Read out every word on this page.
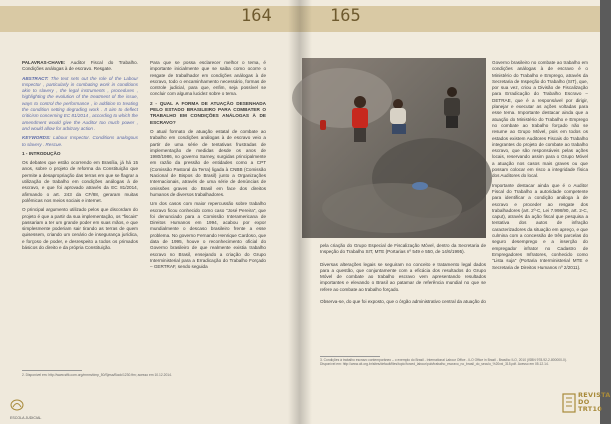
164

PALAVRAS-CHAVE: Auditor Fiscal do Trabalho. Condições análogas à de escravo. Resgate.

ABSTRACT: The text sets out the role of the Labour Inspector , particularly in combating work in conditions akin to slavery , the legal instruments , procedures , highlighting the evolution of the treatment of the issue, ways to control the performance , in addition to treating the condition setting degrading work . It aim to deflect criticism concerning EC 81/2014 , according to which the amendment would give the Auditor too much power , and would allow for arbitrary action .

KEYWORDS: Labour Inspector. Conditions analogous to slavery . Rescue.

1 - INTRODUÇÃO

Os debates que estão ocorrendo em Brasília, já há 15 anos, sobre o projeto de reforma da Constituição que permite a desapropriação das terras em que se flagrar a utilização de trabalho em condições análogas à de escravo, e que foi aprovado através da EC 81/2014, afirmando o art. 243 da CF/88, geraram muitas polêmicas nos meios sociais e internet.

O principal argumento utilizado pelos que discordam do projeto é que a partir da sua implementação, os "fiscais" passariam a ter um grande poder em suas mãos, e que simplesmente poderiam sair tirando as terras de quem quisessem, criando um cenário de insegurança jurídica, e forçoso de poder, e desrespeito a todos os primados básicos do direito e da própria Constituição.

Para que se possa esclarecer melhor o tema, é importante inicialmente que se saiba como ocorre o resgate de trabalhador em condições análogas à de escravo, todo o encaminhamento necessário, formas de controle judicial, para que, enfim, seja possível se concluir com alguma lucidez sobre o tema.

2 - QUAL A FORMA DE ATUAÇÃO DESENHADA PELO ESTADO BRASILEIRO PARA COMBATER O TRABALHO EM CONDIÇÕES ANÁLOGAS À DE ESCRAVO?

O atual formato de atuação estatal de combate ao trabalho em condições análogas à de escravo veio a partir de uma série de tentativas frustradas de implementação de medidas desde os anos de 1980/1986, no governo Sarney, surgidas principalmente em razão da pressão de entidades como a CPT (Comissão Pastoral da Terra) ligada à CNBB (Comissão Nacional de Bispos do Brasil) junto a Organizações Internacionais, através de uma série de denúncias de omissões graves do Brasil em face dos direitos humanos de diversos trabalhadores.

Um dos casos com maior repercussão sobre trabalho escravo ficou conhecido como caso "José Pereira", que foi denunciado para a Comissão Interamericana de Direitos Humanos em 1994, acabou por expor mundialmente o descaso brasileiro frente a esse problema. No governo Fernando Henrique Cardoso, que data de 1995, houve o reconhecimento oficial do Governo brasileiro de que realmente existia trabalho escravo no Brasil, ensejando a criação do Grupo Interministerial para a Erradicação do Trabalho Forçado – GERTRAF, sendo seguida

2. Disponível em: http://www.stfk.com.org/mmm/dmp_50/Sjesa/Book/1230.ftm; acesso em 10.12.2014.
ESCOLA JUDICIAL
165

pela criação do Grupo Especial de Fiscalização Móvel, dentro da Secretaria de Inspeção do Trabalho SIT, MTE (Portarias nº 549 e 550, de 14/6/1995).

Diversas alterações legais se seguiram no conceito e tratamento legal dados para a questão, que conjuntamente com a eficácia dos resultados do Grupo Móvel de combate ao trabalho escravo vem apresentando resultados importantes e elevando o Brasil ao patamar de referência mundial no que se refere ao combate ao trabalho forçado.

Observa-se, do que foi exposto, que o órgão administrativo central da atuação do

3. Condições à trabalho escravo contemporâneo – o exemplo do Brasil - International Labour Office - ILO Office in Brazil - Brasília: ILO, 2010 (ISBN 978-92-2-800000-0). Disponível em: http://www.oit.org.br/sites/default/files/topic/forced_labour/pub/trabalho_escravo_no_brasil_do_seculo_%20xxi_315.pdf. Acesso em 05.12.14.

Governo brasileiro no combate ao trabalho em condições análogas à de escravo é o Ministério do Trabalho e Emprego, através da Secretaria de Inspeção do Trabalho (SIT), que, por sua vez, criou a Divisão de Fiscalização para Erradicação do Trabalho Escravo – DETRAE, que é a responsável por dirigir, planejar e executar as ações voltadas para esse tema. Importante destacar ainda que a atuação do Ministério do Trabalho e Emprego no combate ao trabalho forçado não se resume ao Grupo Móvel, pois em todos os estados existem Auditores Fiscais do Trabalho integrantes do projeto de combate ao trabalho escravo, que são responsáveis pelas ações locais, reservando assim para o Grupo Móvel a atuação nos casos mais graves ou que possam colocar em risco a integridade física dos Auditores do local.

Importante destacar ainda que é o Auditor Fiscal do Trabalho a autoridade competente para identificar a condição análoga à de escravo e proceder ao resgate dos trabalhadores (art. 2º-C, Lei 7.998/90, art. 2-C, caput), através da ação fiscal que pesquisa a tentativa dos autos de infração caracterizadores da situação em apreço, e que culmina com a concessão de três parcelas do seguro desemprego e a inserção do empregador infrator no Cadastro de Empregadores Infratores, conhecido como "Lista suja" (Portaria Interministerial MTE e Secretaria de Direitos Humanos nº 2/2011).

REVISTA DO TRT10
